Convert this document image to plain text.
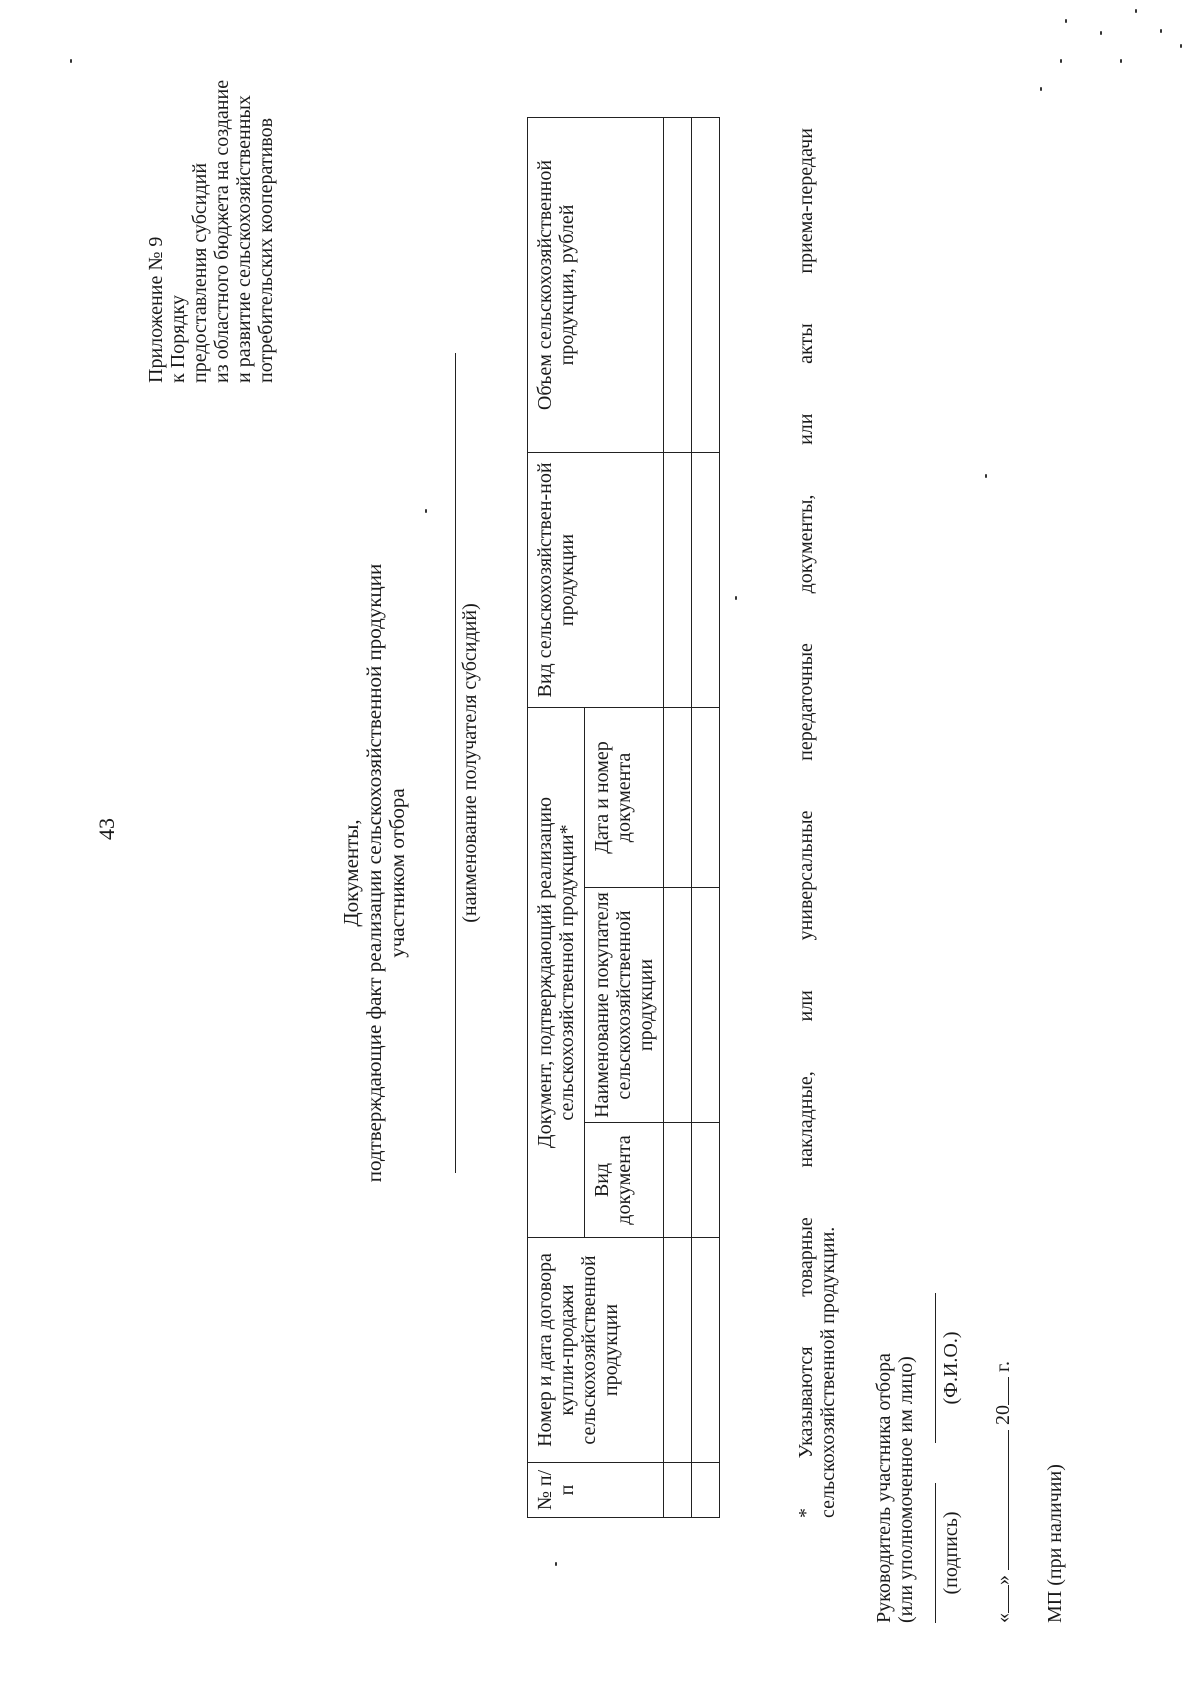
43
Приложение № 9 к Порядку предоставления субсидий из областного бюджета на создание и развитие сельскохозяйственных потребительских кооперативов
Документы, подтверждающие факт реализации сельскохозяйственной продукции участником отбора	(наименование получателя субсидий)
№ п/п	Номер и дата договора купли-продажи сельскохозяйственной продукции	Документ, подтверждающий реализацию сельскохозяйственной продукции*			Вид сельскохозяйствен-ной продукции	Объем сельскохозяйственной продукции, рублей
		Вид документа	Наименование покупателя сельскохозяйственной продукции	Дата и номер документа		

*
Указываются
товарные
накладные,
или
универсальные
передаточные
документы,
или
акты
приема-передачи
сельскохозяйственной продукции. Руководитель участника отбора (или уполномоченное им лицо) (подпись)
(Ф.И.О.)
«»  20 г.
МП (при наличии)
